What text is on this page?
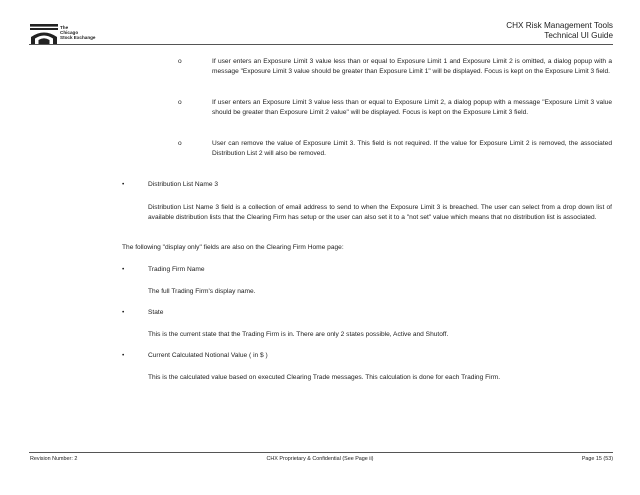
The
Chicago
Stock Exchange
CHX Risk Management Tools
Technical UI Guide
o	If user enters an Exposure Limit 3 value less than or equal to Exposure Limit 1 and Exposure Limit 2 is omitted, a dialog popup with a message "Exposure Limit 3 value should be greater than Exposure Limit 1" will be displayed. Focus is kept on the Exposure Limit 3 field.
o	If user enters an Exposure Limit 3 value less than or equal to Exposure Limit 2, a dialog popup with a message "Exposure Limit 3 value should be greater than Exposure Limit 2 value" will be displayed. Focus is kept on the Exposure Limit 3 field.
o	User can remove the value of Exposure Limit 3. This field is not required. If the value for Exposure Limit 2 is removed, the associated Distribution List 2 will also be removed.
•	Distribution List Name 3
Distribution List Name 3 field is a collection of email address to send to when the Exposure Limit 3 is breached. The user can select from a drop down list of available distribution lists that the Clearing Firm has setup or the user can also set it to a "not set" value which means that no distribution list is associated.
The following "display only" fields are also on the Clearing Firm Home page:
•	Trading Firm Name
The full Trading Firm's display name.
•	State
This is the current state that the Trading Firm is in. There are only 2 states possible, Active and Shutoff.
•	Current Calculated Notional Value ( in $ )
This is the calculated value based on executed Clearing Trade messages. This calculation is done for each Trading Firm.
Revision Number: 2	CHX Proprietary & Confidential (See Page ii)	Page 15 (53)
